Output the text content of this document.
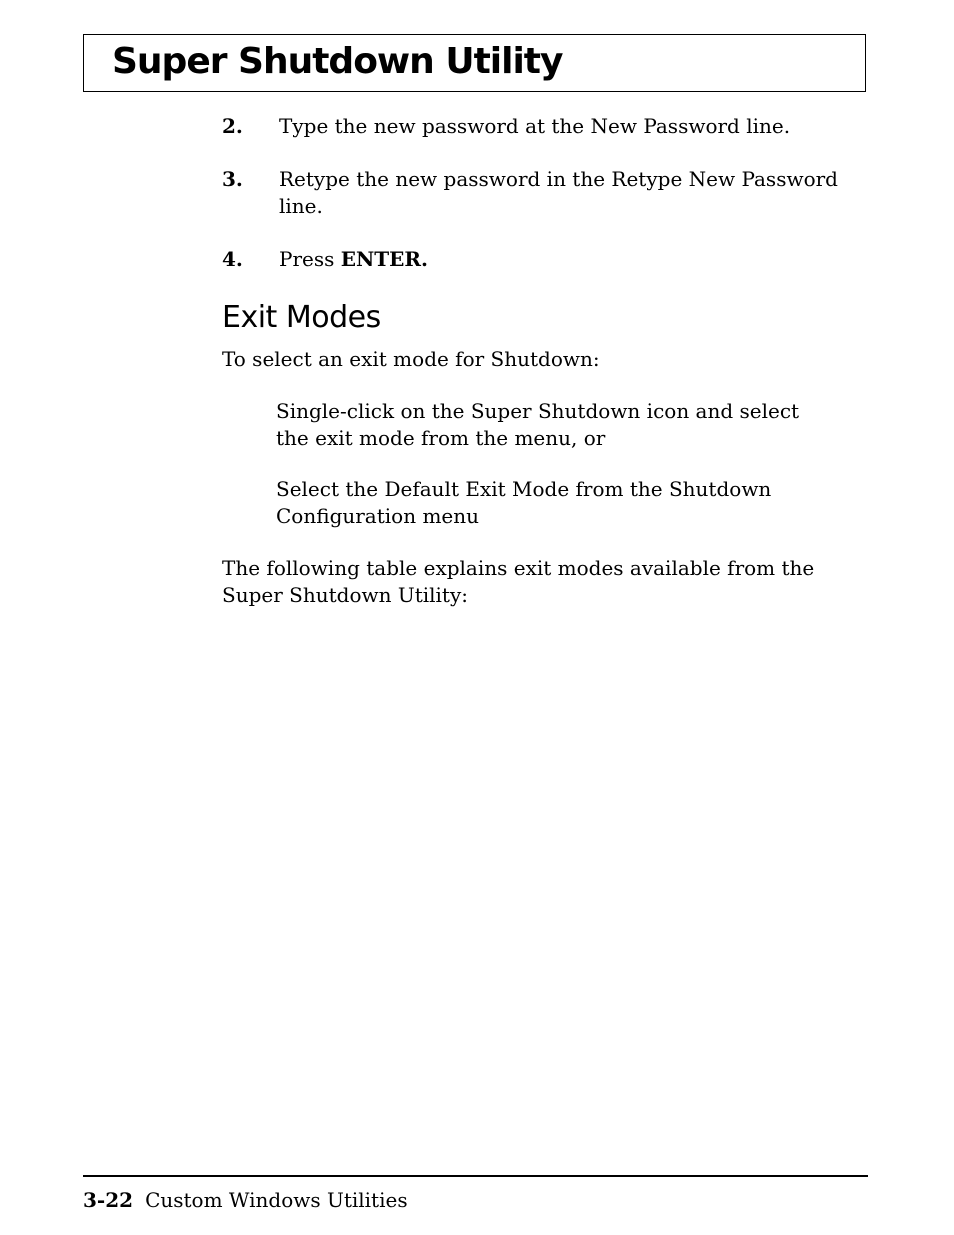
Super Shutdown Utility
2. Type the new password at the New Password line.
3. Retype the new password in the Retype New Password line.
4. Press ENTER.
Exit Modes
To select an exit mode for Shutdown:
Single-click on the Super Shutdown icon and select the exit mode from the menu, or
Select the Default Exit Mode from the Shutdown Configuration menu
The following table explains exit modes available from the Super Shutdown Utility:
3-22 Custom Windows Utilities
